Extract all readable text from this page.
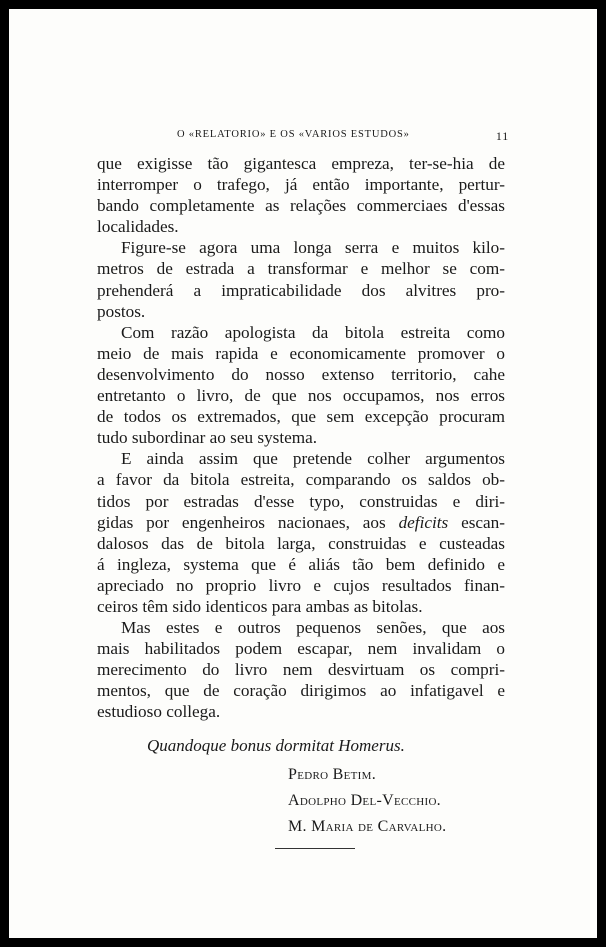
O «RELATORIO» E OS «VARIOS ESTUDOS»	11
que exigisse tão gigantesca empreza, ter-se-hia de
interromper o trafego, já então importante, pertur-
bando completamente as relações commerciaes d'essas
localidades.
Figure-se agora uma longa serra e muitos kilo-
metros de estrada a transformar e melhor se com-
prehenderá a impraticabilidade dos alvitres pro-
postos.
Com razão apologista da bitola estreita como
meio de mais rapida e economicamente promover o
desenvolvimento do nosso extenso territorio, cahe
entretanto o livro, de que nos occupamos, nos erros
de todos os extremados, que sem excepção procuram
tudo subordinar ao seu systema.
E ainda assim que pretende colher argumentos
a favor da bitola estreita, comparando os saldos ob-
tidos por estradas d'esse typo, construidas e diri-
gidas por engenheiros nacionaes, aos deficits escan-
dalosos das de bitola larga, construidas e custeadas
á ingleza, systema que é aliás tão bem definido e
apreciado no proprio livro e cujos resultados finan-
ceiros têm sido identicos para ambas as bitolas.
Mas estes e outros pequenos senões, que aos
mais habilitados podem escapar, nem invalidam o
merecimento do livro nem desvirtuam os compri-
mentos, que de coração dirigimos ao infatigavel e
estudioso collega.
Quandoque bonus dormitat Homerus.
Pedro Betim.
Adolpho Del-Vecchio.
M. Maria de Carvalho.
